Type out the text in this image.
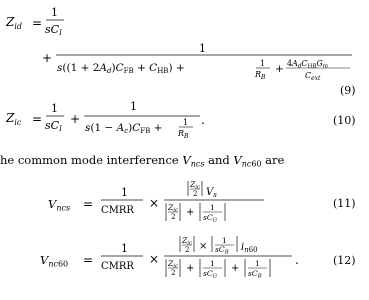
$Z_{id}$ =
1
sCI
+
1
s((1 + 2Ad)CFB + CHB) +	1
$R_B$
+ 4AdCHBGm
$C_{ext}$
(9)
$Z_{ic}$ =
1
sCI
+
1
s(1 − Ac)CFB +	1
$R_B$
.	(10)
he common mode interference $V_{ncs}$ and $V_{nc}60$ are
$V_{ncs}$ =
1
CMRR
×
$Z_{ic}$
2 $V_s$
$Z_{ic}$
2 + 1
$sC_G$
(11)
$V_{nc}60$ =
1
CMRR
×
$Z_{ic}$
2 ×
1
$sC_B$ $i_n60$
$Z_{ic}$
2 + 1
$sC_G$
+ 1
$sC_B$
.	(12)
